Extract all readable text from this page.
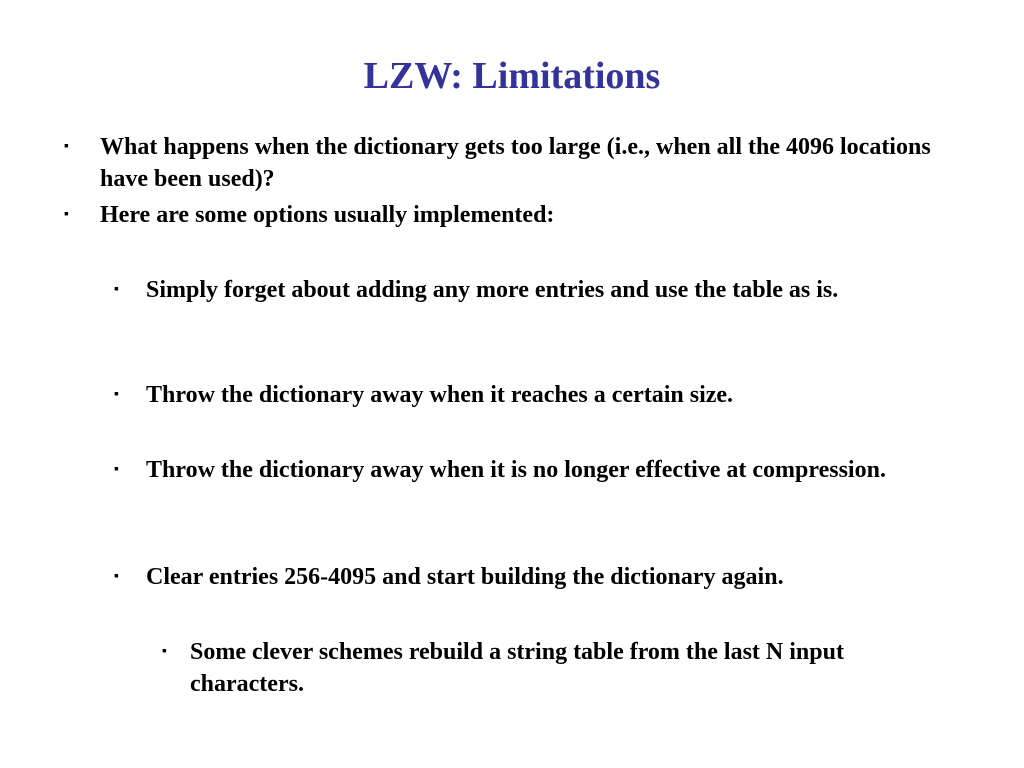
LZW: Limitations
▪ What happens when the dictionary gets too large (i.e., when all the 4096 locations have been used)?
▪ Here are some options usually implemented:
▪ Simply forget about adding any more entries and use the table as is.
▪ Throw the dictionary away when it reaches a certain size.
▪ Throw the dictionary away when it is no longer effective at compression.
▪ Clear entries 256-4095 and start building the dictionary again.
▪ Some clever schemes rebuild a string table from the last N input characters.
